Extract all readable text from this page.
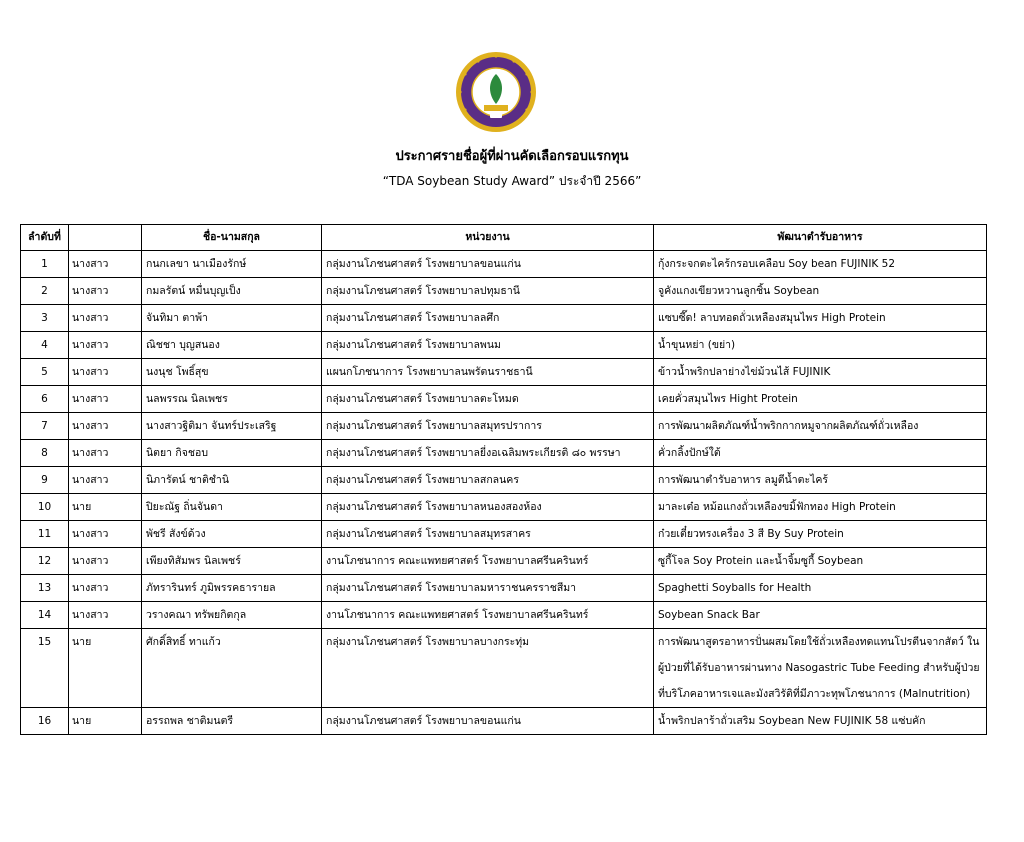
ประกาศรายชื่อผู้ที่ผ่านคัดเลือกรอบแรกทุน
“TDA Soybean Study Award” ประจำปี 2566”
ลำดับที่		ชื่อ-นามสกุล	หน่วยงาน	พัฒนาตำรับอาหาร
1	นางสาว	กนกเลขา นาเมืองรักษ์	กลุ่มงานโภชนศาสตร์ โรงพยาบาลขอนแก่น	กุ้งกระจกตะไคร้กรอบเคลือบ Soy bean FUJINIK 52
2	นางสาว	กมลรัตน์ หมื่นบุญเป็ง	กลุ่มงานโภชนศาสตร์ โรงพยาบาลปทุมธานี	จูคังแกงเขียวหวานลูกชิ้น Soybean
3	นางสาว	จันทิมา ตาพ้า	กลุ่มงานโภชนศาสตร์ โรงพยาบาลลศึก	แซบซี๊ด! ลาบทอดถั่วเหลืองสมุนไพร High Protein
4	นางสาว	ณิชชา บุญสนอง	กลุ่มงานโภชนศาสตร์ โรงพยาบาลพนม	น้ำขุนหย่า (ขย่า)
5	นางสาว	นงนุช โพธิ์สุข	แผนกโภชนาการ โรงพยาบาลนพรัตนราชธานี	ข้าวน้ำพริกปลาย่างไข่ม้วนไส้ FUJINIK
6	นางสาว	นลพรรณ นิลเพชร	กลุ่มงานโภชนศาสตร์ โรงพยาบาลตะโหมด	เคยคั่วสมุนไพร Hight Protein
7	นางสาว	นางสาวฐิติมา จันทร์ประเสริฐ	กลุ่มงานโภชนศาสตร์ โรงพยาบาลสมุทรปราการ	การพัฒนาผลิตภัณฑ์น้ำพริกกากหมูจากผลิตภัณฑ์ถั่วเหลือง
8	นางสาว	นิตยา กิจชอบ	กลุ่มงานโภชนศาสตร์ โรงพยาบาลยี่งอเฉลิมพระเกียรติ ๘๐ พรรษา	คั่วกลิ้งปักษ์ใต้
9	นางสาว	นิภารัตน์ ชาติชำนิ	กลุ่มงานโภชนศาสตร์ โรงพยาบาลสกลนคร	การพัฒนาตำรับอาหาร ลมูตีน้ำตะไคร้
10	นาย	ปิยะณัฐ ถิ่นจันดา	กลุ่มงานโภชนศาสตร์ โรงพยาบาลหนองสองห้อง	มาละเต๋อ หม้อแกงถั่วเหลืองขมิ้ฟักทอง High Protein
11	นางสาว	พัชรี สังข์ด้วง	กลุ่มงานโภชนศาสตร์ โรงพยาบาลสมุทรสาคร	ก๋วยเตี๋ยวทรงเครื่อง 3 สี By Suy Protein
12	นางสาว	เพียงทิสัมพร นิลเพชร์	งานโภชนาการ คณะแพทยศาสตร์ โรงพยาบาลศรีนครินทร์	ซูกี้โจล Soy Protein และน้ำจิ้มซูกี้ Soybean
13	นางสาว	ภัทรารินทร์ ภูมิพรรคธารายล	กลุ่มงานโภชนศาสตร์ โรงพยาบาลมหาราชนครราชสีมา	Spaghetti Soyballs for Health
14	นางสาว	วรางคณา ทรัพยกิตกุล	งานโภชนาการ คณะแพทยศาสตร์ โรงพยาบาลศรีนครินทร์	Soybean Snack Bar
15	นาย	ศักดิ์สิทธิ์ ทาแก้ว	กลุ่มงานโภชนศาสตร์ โรงพยาบาลบางกระทุ่ม	การพัฒนาสูตรอาหารปั่นผสมโดยใช้ถั่วเหลืองทดแทนโปรตีนจากสัตว์ ในผู้ป่วยที่ได้รับอาหารผ่านทาง Nasogastric Tube Feeding สำหรับผู้ป่วยที่บริโภคอาหารเจและมังสวิรัติที่มีภาวะทุพโภชนาการ (Malnutrition)
16	นาย	อรรถพล ชาติมนตรี	กลุ่มงานโภชนศาสตร์ โรงพยาบาลขอนแก่น	น้ำพริกปลาร้าถั่วเสริม Soybean New FUJINIK 58 แซ่บคัก
